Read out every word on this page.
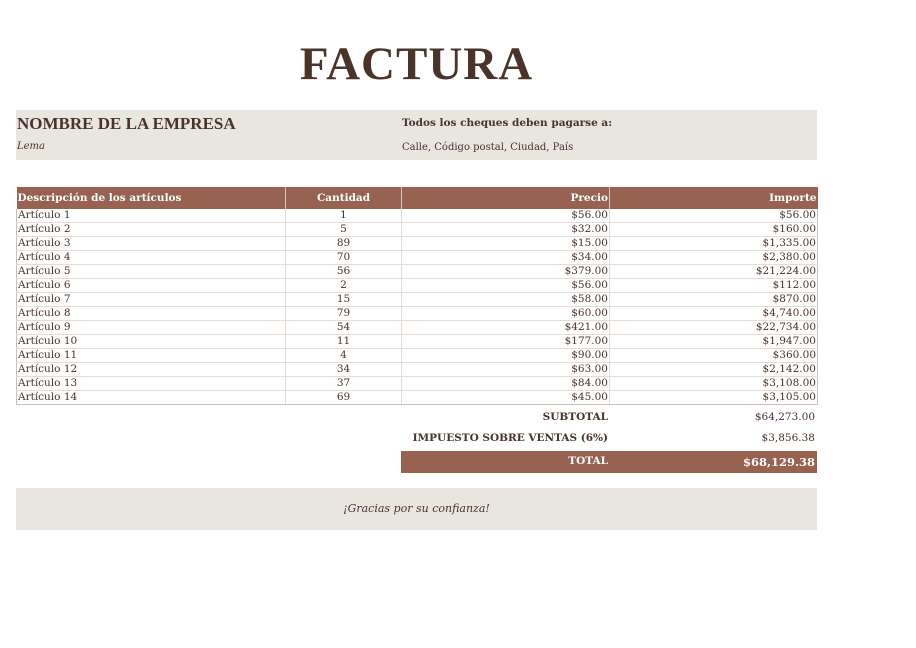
FACTURA
NOMBRE DE LA EMPRESA
Lema
Todos los cheques deben pagarse a:
Calle, Código postal, Ciudad, País
Descripción de los artículos	Cantidad	Precio	Importe
Artículo 1	1	$56.00	$56.00
Artículo 2	5	$32.00	$160.00
Artículo 3	89	$15.00	$1,335.00
Artículo 4	70	$34.00	$2,380.00
Artículo 5	56	$379.00	$21,224.00
Artículo 6	2	$56.00	$112.00
Artículo 7	15	$58.00	$870.00
Artículo 8	79	$60.00	$4,740.00
Artículo 9	54	$421.00	$22,734.00
Artículo 10	11	$177.00	$1,947.00
Artículo 11	4	$90.00	$360.00
Artículo 12	34	$63.00	$2,142.00
Artículo 13	37	$84.00	$3,108.00
Artículo 14	69	$45.00	$3,105.00
SUBTOTAL	$64,273.00
IMPUESTO SOBRE VENTAS (6%)	$3,856.38
TOTAL	$68,129.38
¡Gracias por su confianza!
